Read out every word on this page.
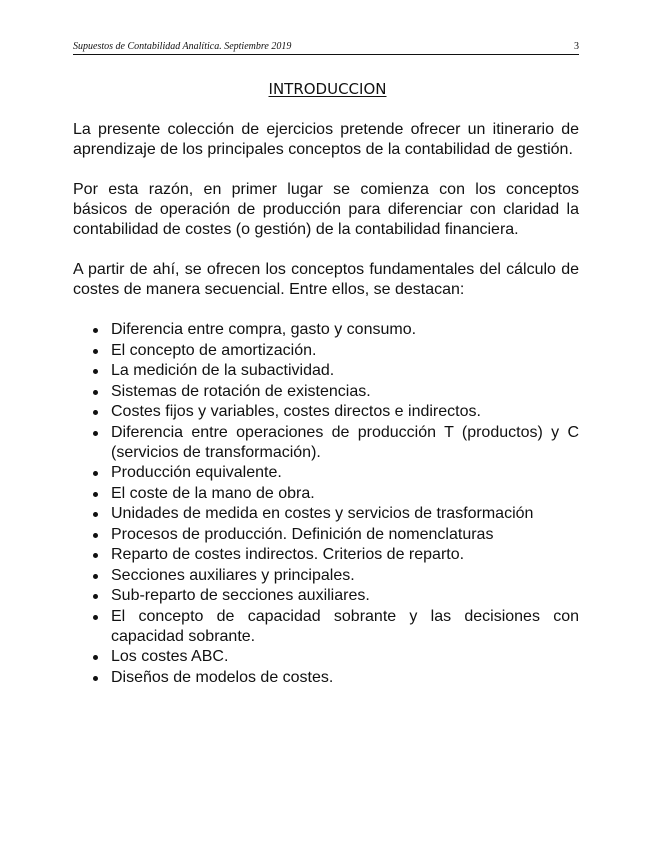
Supuestos de Contabilidad Analítica. Septiembre 2019	3
INTRODUCCION

La presente colección de ejercicios pretende ofrecer un itinerario de aprendizaje de los principales conceptos de la contabilidad de gestión.

Por esta razón, en primer lugar se comienza con los conceptos básicos de operación de producción para diferenciar con claridad la contabilidad de costes (o gestión) de la contabilidad financiera.

A partir de ahí, se ofrecen los conceptos fundamentales del cálculo de costes de manera secuencial. Entre ellos, se destacan:

Diferencia entre compra, gasto y consumo.
El concepto de amortización.
La medición de la subactividad.
Sistemas de rotación de existencias.
Costes fijos y variables, costes directos e indirectos.
Diferencia entre operaciones de producción T (productos) y C (servicios de transformación).
Producción equivalente.
El coste de la mano de obra.
Unidades de medida en costes y servicios de trasformación
Procesos de producción. Definición de nomenclaturas
Reparto de costes indirectos. Criterios de reparto.
Secciones auxiliares y principales.
Sub-reparto de secciones auxiliares.
El concepto de capacidad sobrante y las decisiones con capacidad sobrante.
Los costes ABC.
Diseños de modelos de costes.
